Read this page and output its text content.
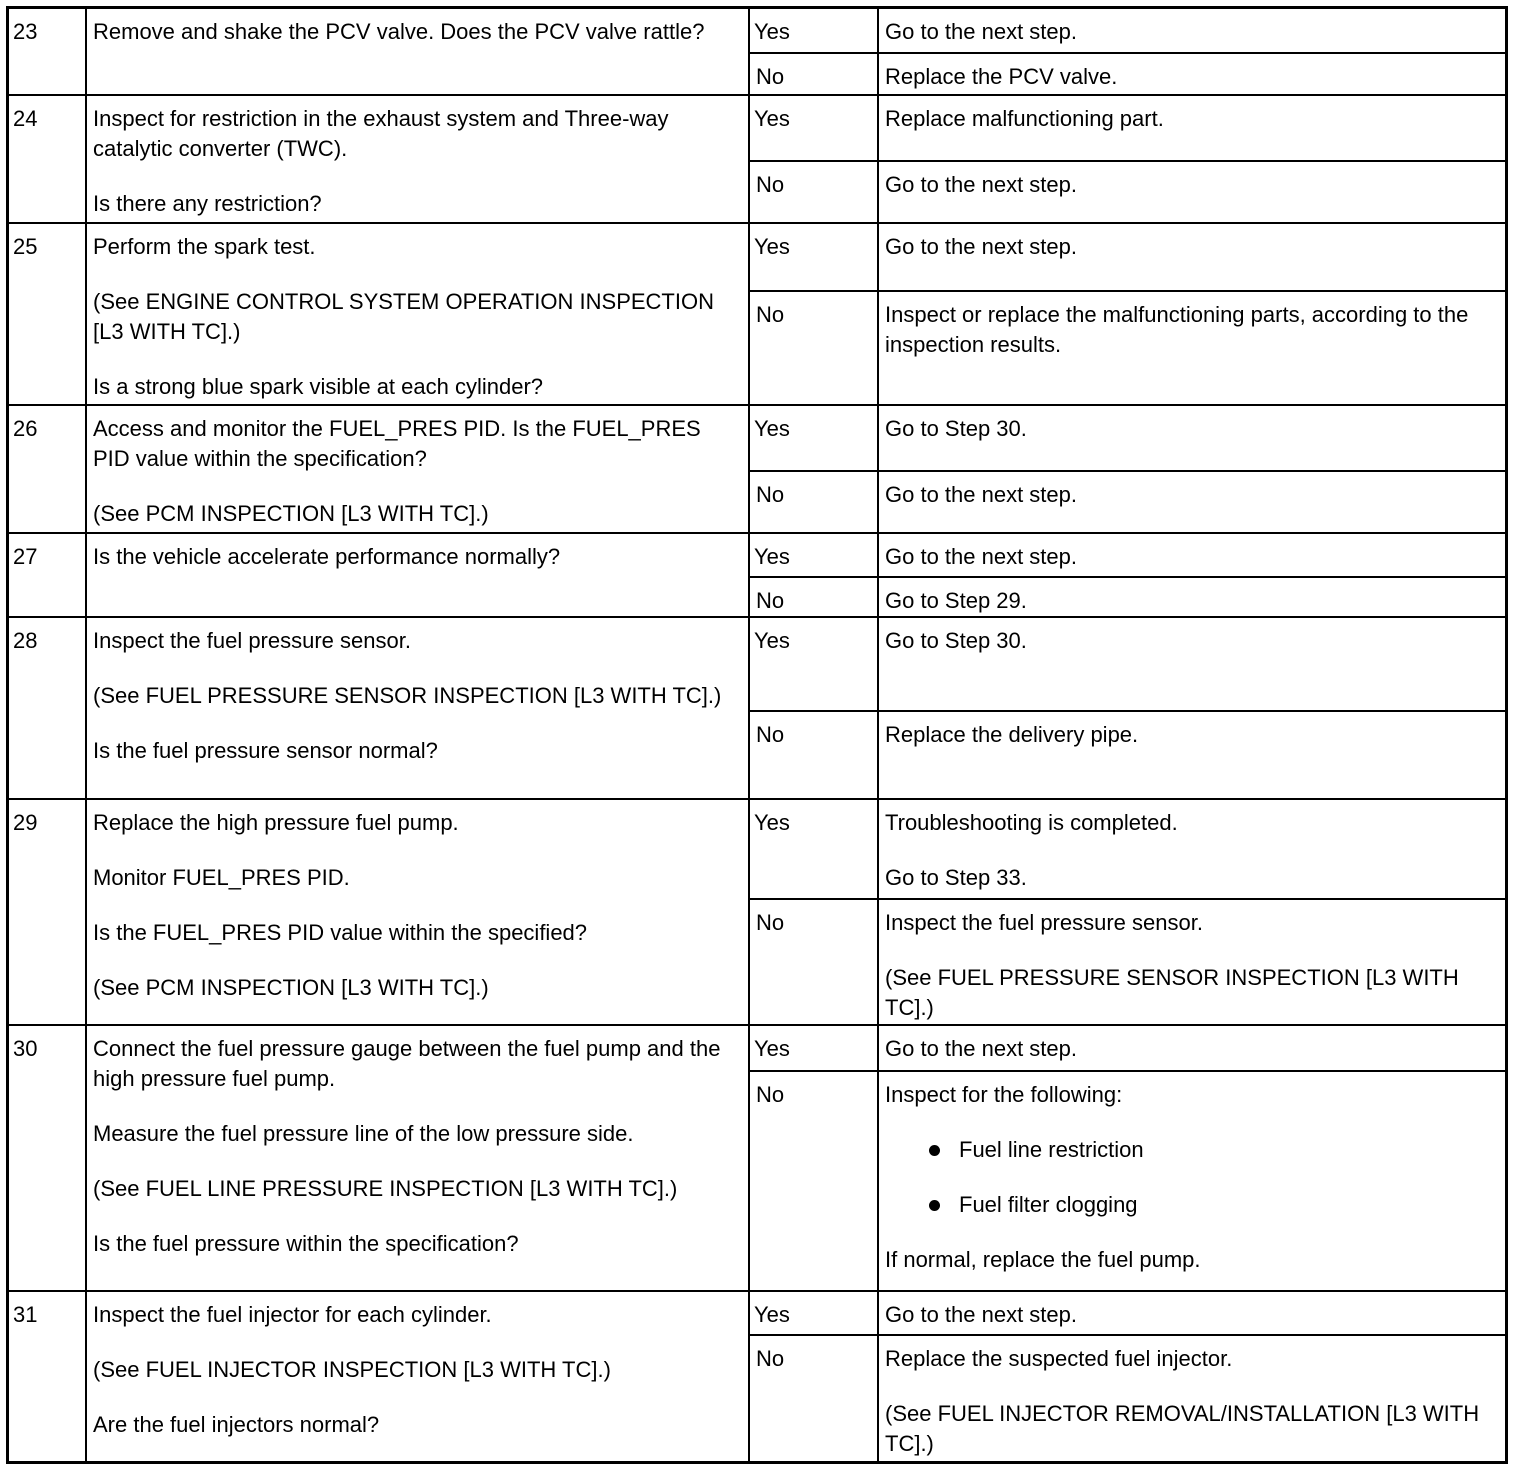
23	Remove and shake the PCV valve. Does the PCV valve rattle?	Yes	Go to the next step.

No	Replace the PCV valve.

24	Inspect for restriction in the exhaust system and Three-way catalytic converter (TWC).

Is there any restriction?

Yes	Replace malfunctioning part.

No	Go to the next step.

25	Perform the spark test.

(See ENGINE CONTROL SYSTEM OPERATION INSPECTION [L3 WITH TC].)

Is a strong blue spark visible at each cylinder?

Yes	Go to the next step.

No	Inspect or replace the malfunctioning parts, according to the inspection results.

26	Access and monitor the FUEL_PRES PID. Is the FUEL_PRES PID value within the specification?

(See PCM INSPECTION [L3 WITH TC].)

Yes	Go to Step 30.

No	Go to the next step.

27	Is the vehicle accelerate performance normally?	Yes	Go to the next step.

No	Go to Step 29.

28	Inspect the fuel pressure sensor.

(See FUEL PRESSURE SENSOR INSPECTION [L3 WITH TC].)

Is the fuel pressure sensor normal?

Yes	Go to Step 30.

No	Replace the delivery pipe.

29	Replace the high pressure fuel pump.

Monitor FUEL_PRES PID.

Is the FUEL_PRES PID value within the specified?

(See PCM INSPECTION [L3 WITH TC].)

Yes	Troubleshooting is completed.

Go to Step 33.

No	Inspect the fuel pressure sensor.

(See FUEL PRESSURE SENSOR INSPECTION [L3 WITH TC].)

30	Connect the fuel pressure gauge between the fuel pump and the high pressure fuel pump.

Measure the fuel pressure line of the low pressure side.

(See FUEL LINE PRESSURE INSPECTION [L3 WITH TC].)

Is the fuel pressure within the specification?

Yes	Go to the next step.

No	Inspect for the following:

Fuel line restriction

Fuel filter clogging

If normal, replace the fuel pump.

31	Inspect the fuel injector for each cylinder.

(See FUEL INJECTOR INSPECTION [L3 WITH TC].)

Are the fuel injectors normal?

Yes	Go to the next step.

No	Replace the suspected fuel injector.

(See FUEL INJECTOR REMOVAL/INSTALLATION [L3 WITH TC].)
